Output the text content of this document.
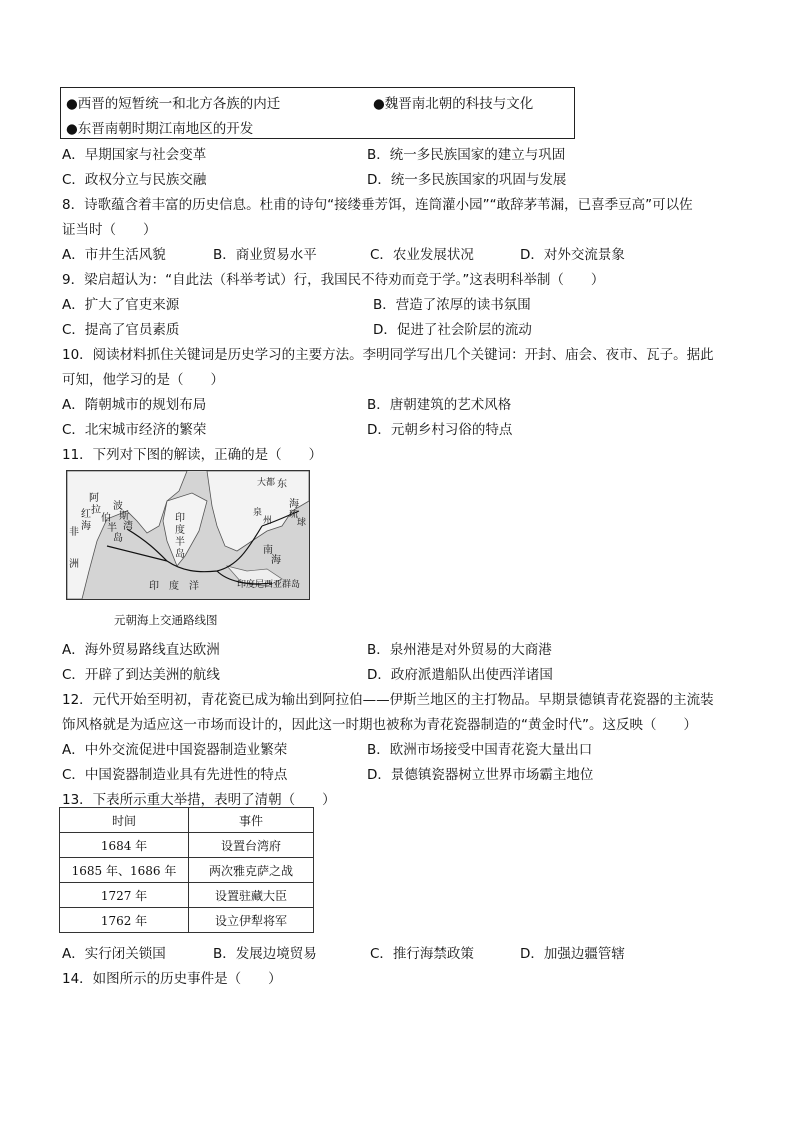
●西晋的短暂统一和北方各族的内迁	●魏晋南北朝的科技与文化
●东晋南朝时期江南地区的开发
A．早期国家与社会变革	B．统一多民族国家的建立与巩固
C．政权分立与民族交融	D．统一多民族国家的巩固与发展
8．诗歌蕴含着丰富的历史信息。杜甫的诗句“接缕垂芳饵，连筒灌小园”“敢辞茅苇漏，已喜季豆高”可以佐
证当时（　　）
A．市井生活风貌	B．商业贸易水平	C．农业发展状况	D．对外交流景象
9．梁启超认为：“自此法（科举考试）行，我国民不待劝而竞于学。”这表明科举制（　　）
A．扩大了官吏来源	B．营造了浓厚的读书氛围
C．提高了官员素质	D．促进了社会阶层的流动
10．阅读材料抓住关键词是历史学习的主要方法。李明同学写出几个关键词：开封、庙会、夜市、瓦子。据此
可知，他学习的是（　　）
A．隋朝城市的规划布局	B．唐朝建筑的艺术风格
C．北宋城市经济的繁荣	D．元朝乡村习俗的特点
11．下列对下图的解读，正确的是（　　）
阿
拉
伯
半
岛
波
斯
湾
红
海
非
洲
印
度
半
岛
印　度　洋
南
海
泉
州
东
海
琉
球
大都
印度尼西亚群岛
元朝海上交通路线图
A．海外贸易路线直达欧洲	B．泉州港是对外贸易的大商港
C．开辟了到达美洲的航线	D．政府派遣船队出使西洋诸国
12．元代开始至明初，青花瓷已成为输出到阿拉伯——伊斯兰地区的主打物品。早期景德镇青花瓷器的主流装
饰风格就是为适应这一市场而设计的，因此这一时期也被称为青花瓷器制造的“黄金时代”。这反映（　　）
A．中外交流促进中国瓷器制造业繁荣	B．欧洲市场接受中国青花瓷大量出口
C．中国瓷器制造业具有先进性的特点	D．景德镇瓷器树立世界市场霸主地位
13．下表所示重大举措，表明了清朝（　　）
时间	事件
1684 年	设置台湾府
1685 年、1686 年	两次雅克萨之战
1727 年	设置驻藏大臣
1762 年	设立伊犁将军
A．实行闭关锁国	B．发展边境贸易	C．推行海禁政策	D．加强边疆管辖
14．如图所示的历史事件是（　　）
